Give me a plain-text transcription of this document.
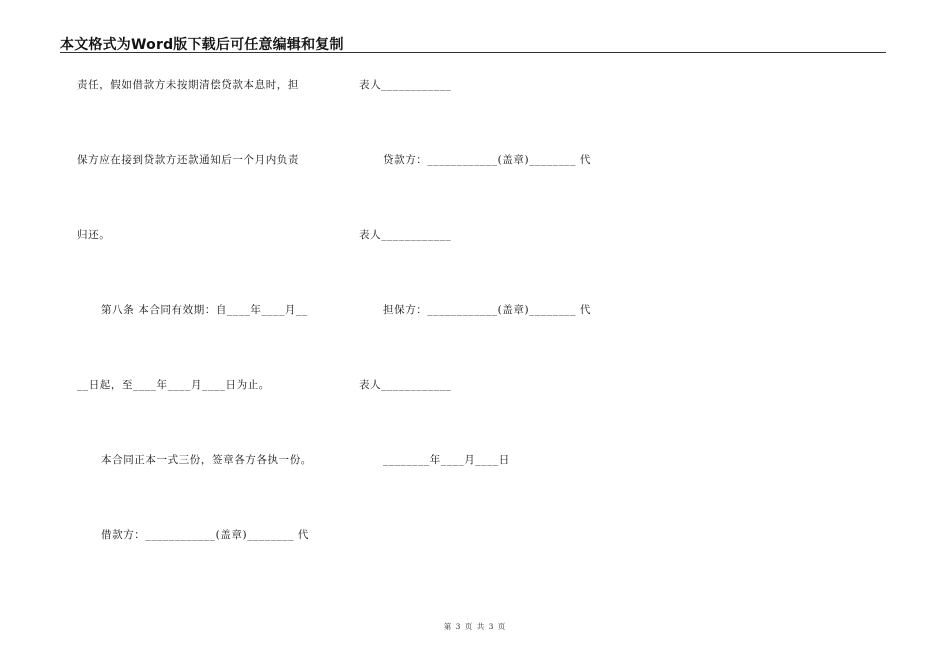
本文格式为Word版下载后可任意编辑和复制
责任，假如借款方未按期清偿贷款本息时，担
保方应在接到贷款方还款通知后一个月内负责
归还。
第八条 本合同有效期：自____年____月__
__日起，至____年____月____日为止。
本合同正本一式三份，签章各方各执一份。
借款方：____________(盖章)________ 代
表人____________
贷款方：____________(盖章)________ 代
表人____________
担保方：____________(盖章)________ 代
表人____________
________年____月____日
第 3 页 共 3 页
